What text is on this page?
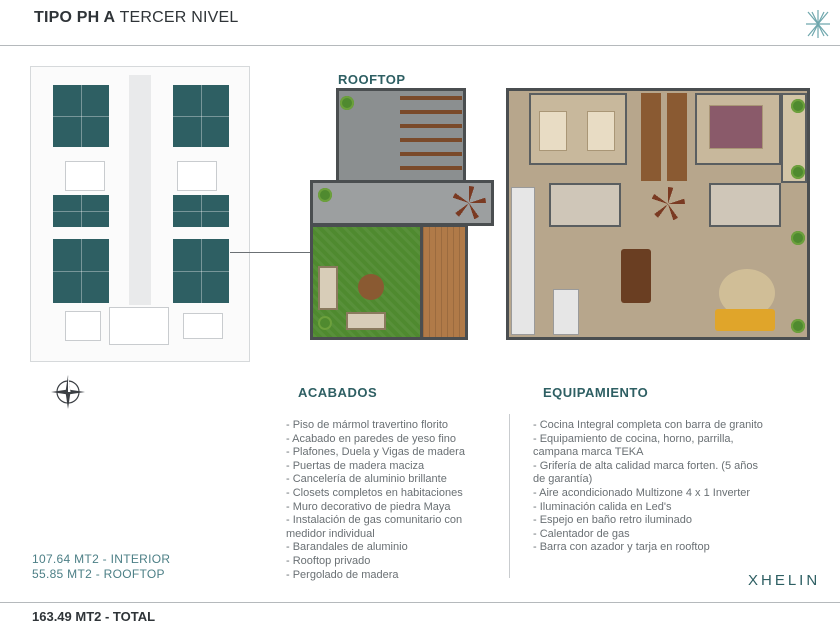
TIPO PH A TERCER NIVEL
ROOFTOP
ACABADOS
- Piso de mármol travertino florito
- Acabado en paredes de yeso fino
- Plafones, Duela y Vigas de madera
- Puertas de madera maciza
- Cancelería de aluminio brillante
- Closets completos en habitaciones
- Muro decorativo de piedra Maya
- Instalación de gas comunitario con
medidor individual
- Barandales de aluminio
- Rooftop privado
- Pergolado de madera
EQUIPAMIENTO
- Cocina Integral completa con barra de granito
- Equipamiento de cocina, horno, parrilla,
campana marca TEKA
- Grifería de alta calidad marca forten. (5 años
de garantía)
- Aire acondicionado Multizone 4 x 1 Inverter
- Iluminación calida en Led's
- Espejo en baño retro iluminado
- Calentador de gas
- Barra con azador y tarja en rooftop
107.64 MT2 - INTERIOR
55.85 MT2 - ROOFTOP	XHELIN
163.49 MT2 - TOTAL
